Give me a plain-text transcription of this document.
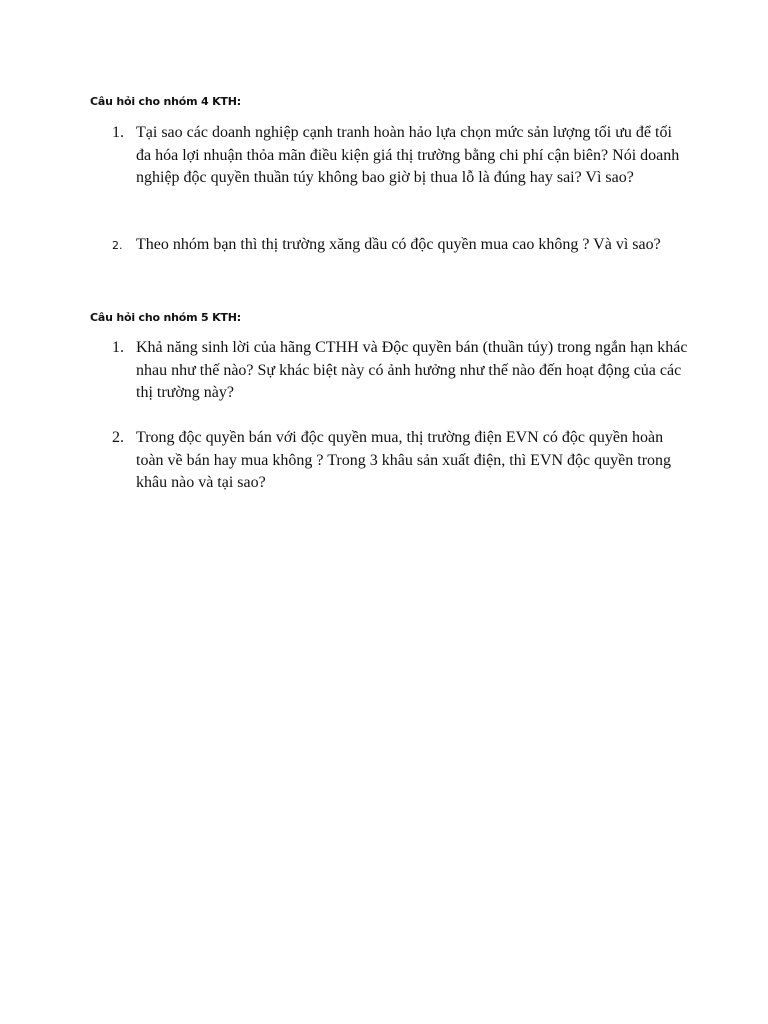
Câu hỏi cho nhóm 4 KTH:
1. Tại sao các doanh nghiệp cạnh tranh hoàn hảo lựa chọn mức sản lượng tối ưu để tối đa hóa lợi nhuận thỏa mãn điều kiện giá thị trường bằng chi phí cận biên? Nói doanh nghiệp độc quyền thuần túy không bao giờ bị thua lỗ là đúng hay sai? Vì sao?
2. Theo nhóm bạn thì thị trường xăng dầu có độc quyền mua cao không ? Và vì sao?
Câu hỏi cho nhóm 5 KTH:
1. Khả năng sinh lời của hãng CTHH và Độc quyền bán (thuần túy) trong ngắn hạn khác nhau như thế nào? Sự khác biệt này có ảnh hưởng như thế nào đến hoạt động của các thị trường này?
2. Trong độc quyền bán với độc quyền mua, thị trường điện EVN có độc quyền hoàn toàn về bán hay mua không ? Trong 3 khâu sản xuất điện, thì EVN độc quyền trong khâu nào và tại sao?
